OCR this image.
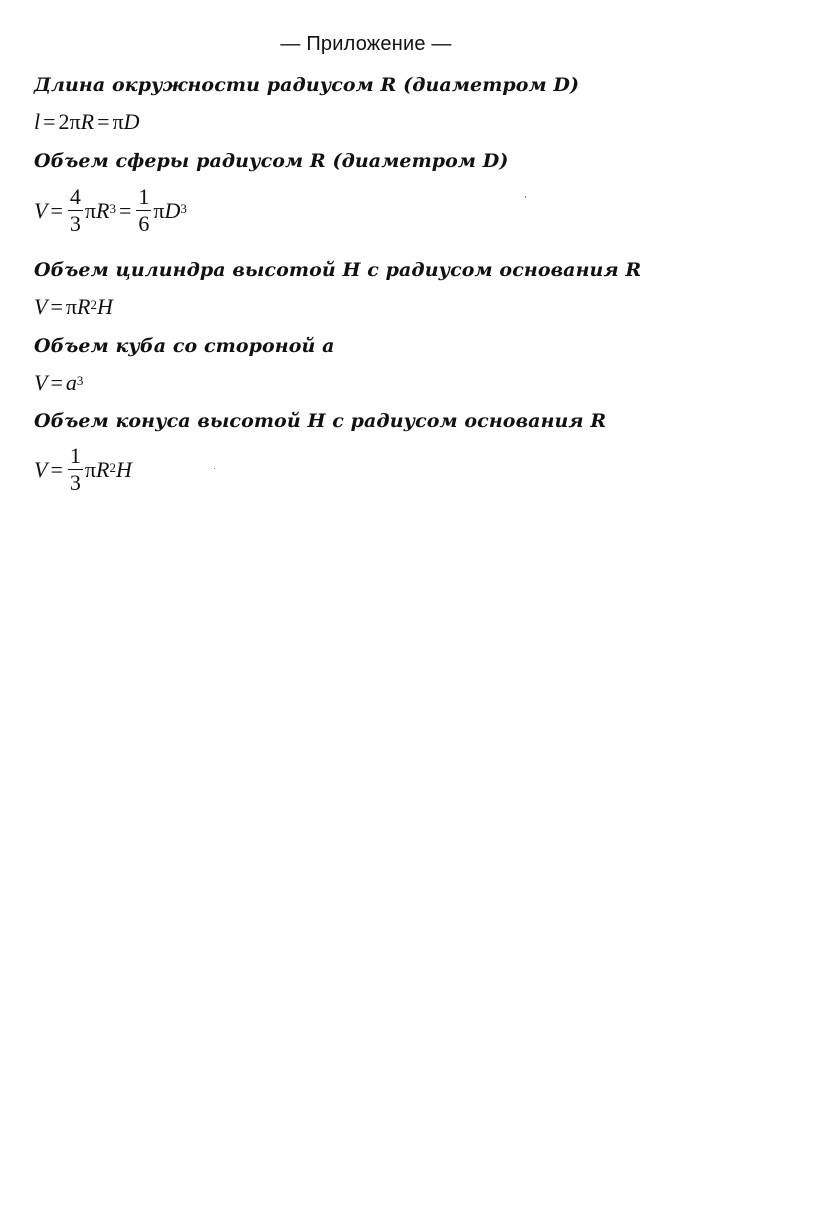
— Приложение —
Длина окружности радиусом R (диаметром D)
l = 2 π R = π D
Объем сферы радиусом R (диаметром D)
$V = \frac{4}{3}$ π $R^3 = \frac{1}{6}$ π $D^3$
Объем цилиндра высотой H с радиусом основания R
V = π $R^2$ H
Объем куба со стороной a
$V = a^3$
Объем конуса высотой H с радиусом основания R
$V = \frac{1}{3}$ π $R^2$ H
